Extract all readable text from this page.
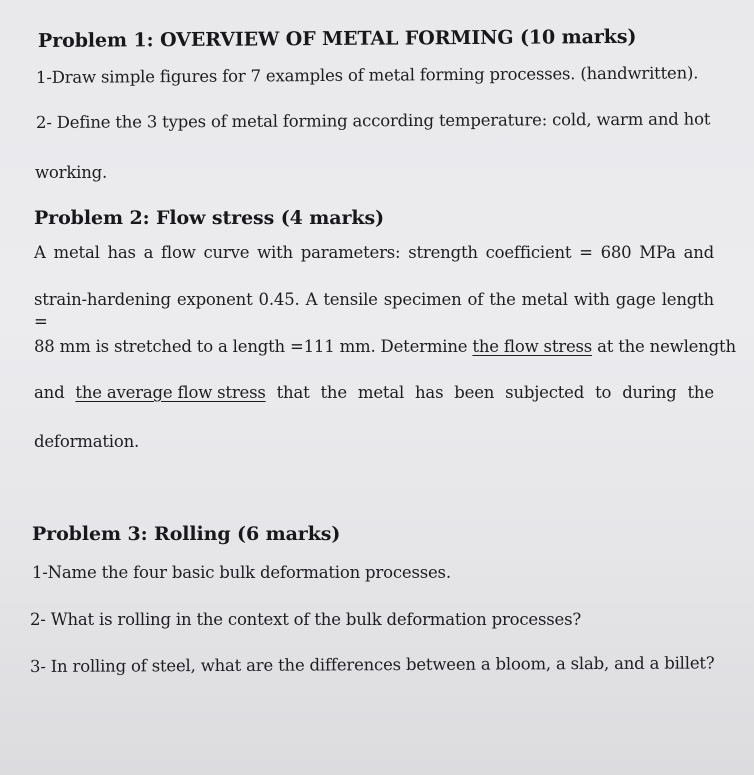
Problem 1: OVERVIEW OF METAL FORMING (10 marks)
1-Draw simple figures for 7 examples of metal forming processes. (handwritten).
2- Define the 3 types of metal forming according temperature: cold, warm and hot
working.
Problem 2: Flow stress (4 marks)
A metal has a flow curve with parameters: strength coefficient = 680 MPa and
strain-hardening exponent 0.45. A tensile specimen of the metal with gage length =
88 mm is stretched to a length =111 mm. Determine the flow stress at the newlength
and the average flow stress that the metal has been subjected to during the
deformation.
Problem 3: Rolling (6 marks)
1-Name the four basic bulk deformation processes.
2- What is rolling in the context of the bulk deformation processes?
3- In rolling of steel, what are the differences between a bloom, a slab, and a billet?
